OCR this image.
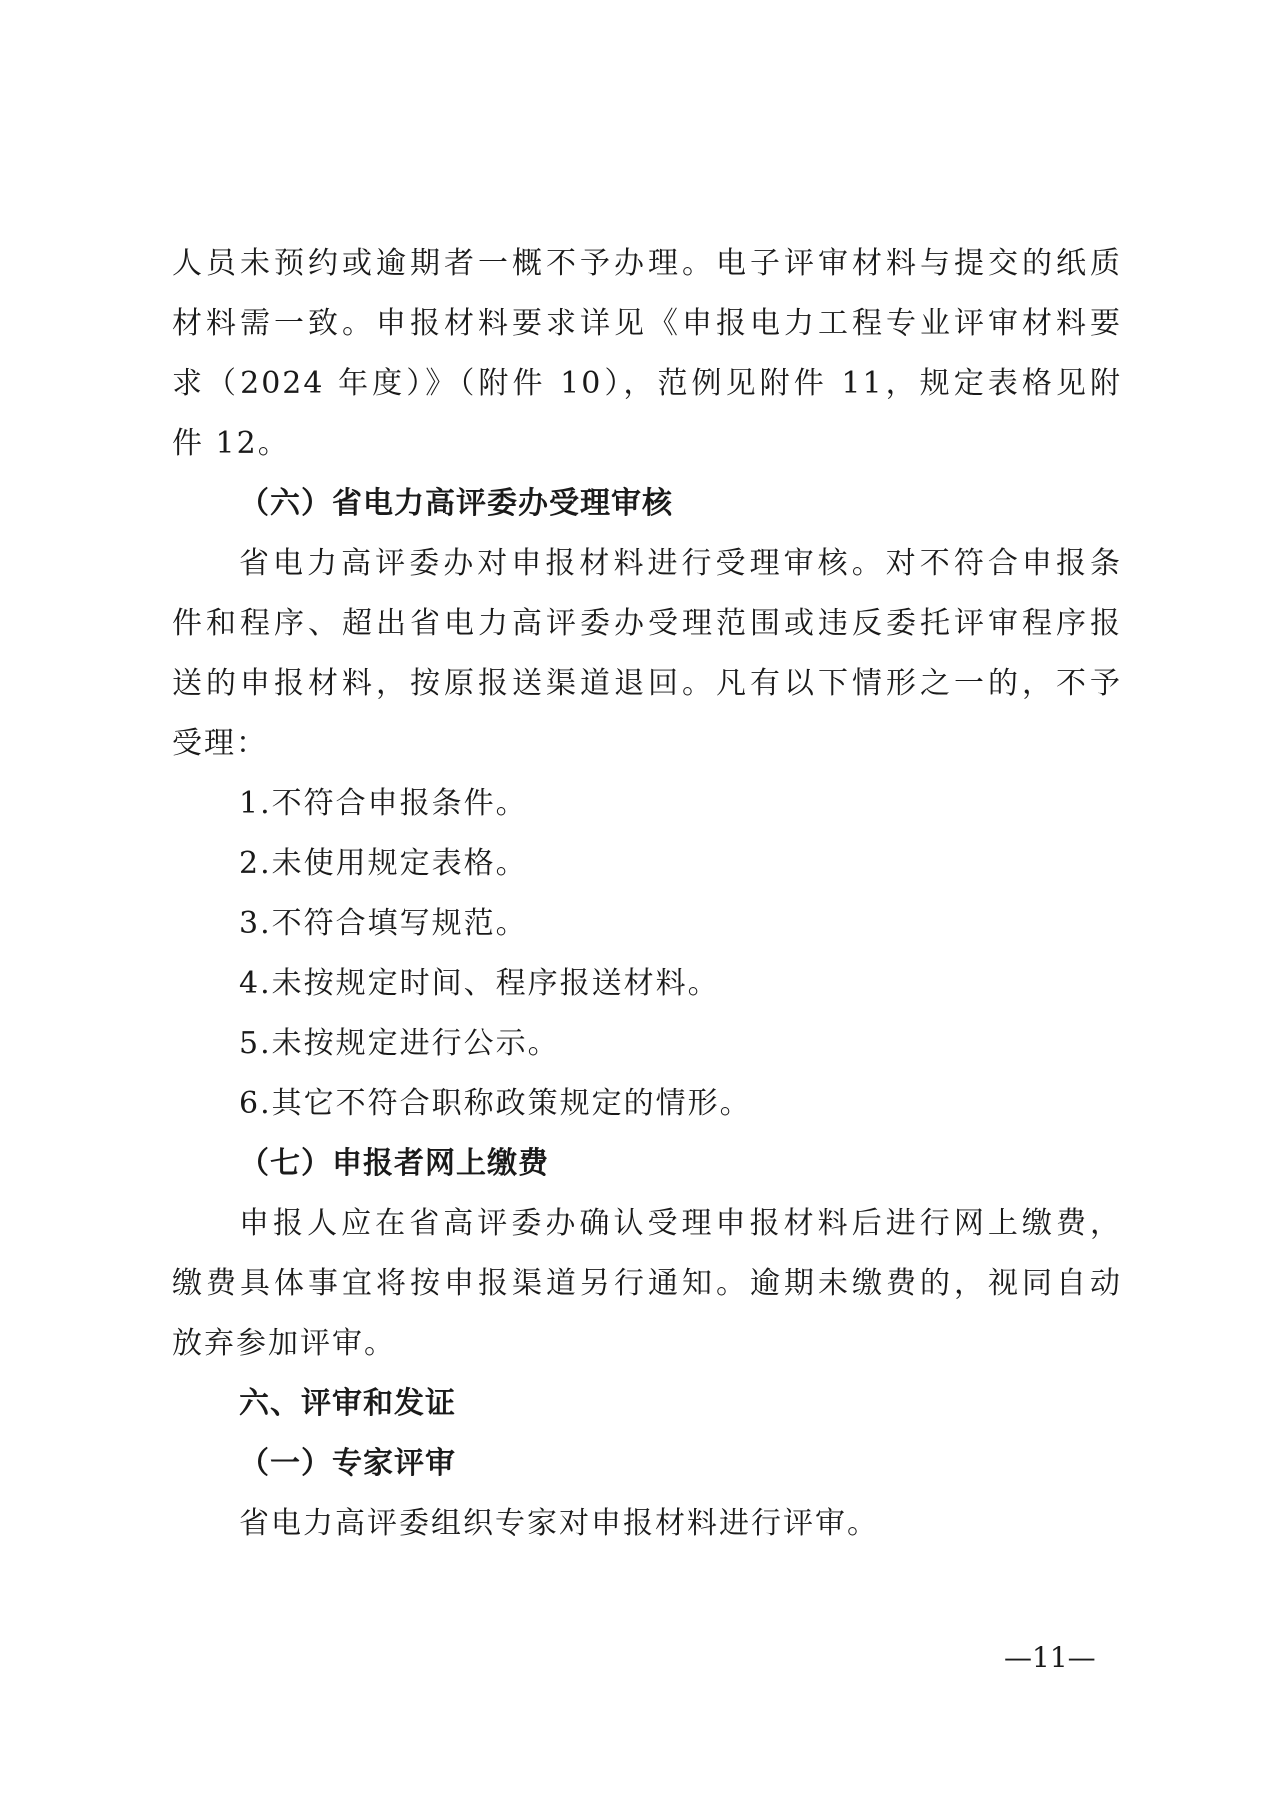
人员未预约或逾期者一概不予办理。电子评审材料与提交的纸质
材料需一致。申报材料要求详见《申报电力工程专业评审材料要
求（2024 年度）》（附件 10），范例见附件 11，规定表格见附
件 12。
（六）省电力高评委办受理审核
省电力高评委办对申报材料进行受理审核。对不符合申报条
件和程序、超出省电力高评委办受理范围或违反委托评审程序报
送的申报材料，按原报送渠道退回。凡有以下情形之一的，不予
受理：
1.不符合申报条件。
2.未使用规定表格。
3.不符合填写规范。
4.未按规定时间、程序报送材料。
5.未按规定进行公示。
6.其它不符合职称政策规定的情形。
（七）申报者网上缴费
申报人应在省高评委办确认受理申报材料后进行网上缴费，
缴费具体事宜将按申报渠道另行通知。逾期未缴费的，视同自动
放弃参加评审。
六、评审和发证
（一）专家评审
省电力高评委组织专家对申报材料进行评审。
—11—
